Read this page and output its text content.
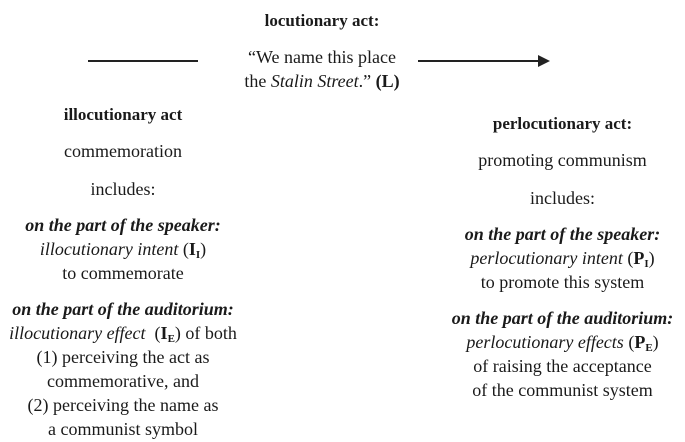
locutionary act:
“We name this place
the Stalin Street.” (L)
illocutionary act
commemoration
includes:
on the part of the speaker:
illocutionary intent $(I_I)$
to commemorate
on the part of the auditorium:
illocutionary effect  $(I_E)$ of both
(1) perceiving the act as
commemorative, and
(2) perceiving the name as
a communist symbol
perlocutionary act:
promoting communism
includes:
on the part of the speaker:
perlocutionary intent $(P_I)$
to promote this system
on the part of the auditorium:
perlocutionary effects $(P_E)$
of raising the acceptance
of the communist system
